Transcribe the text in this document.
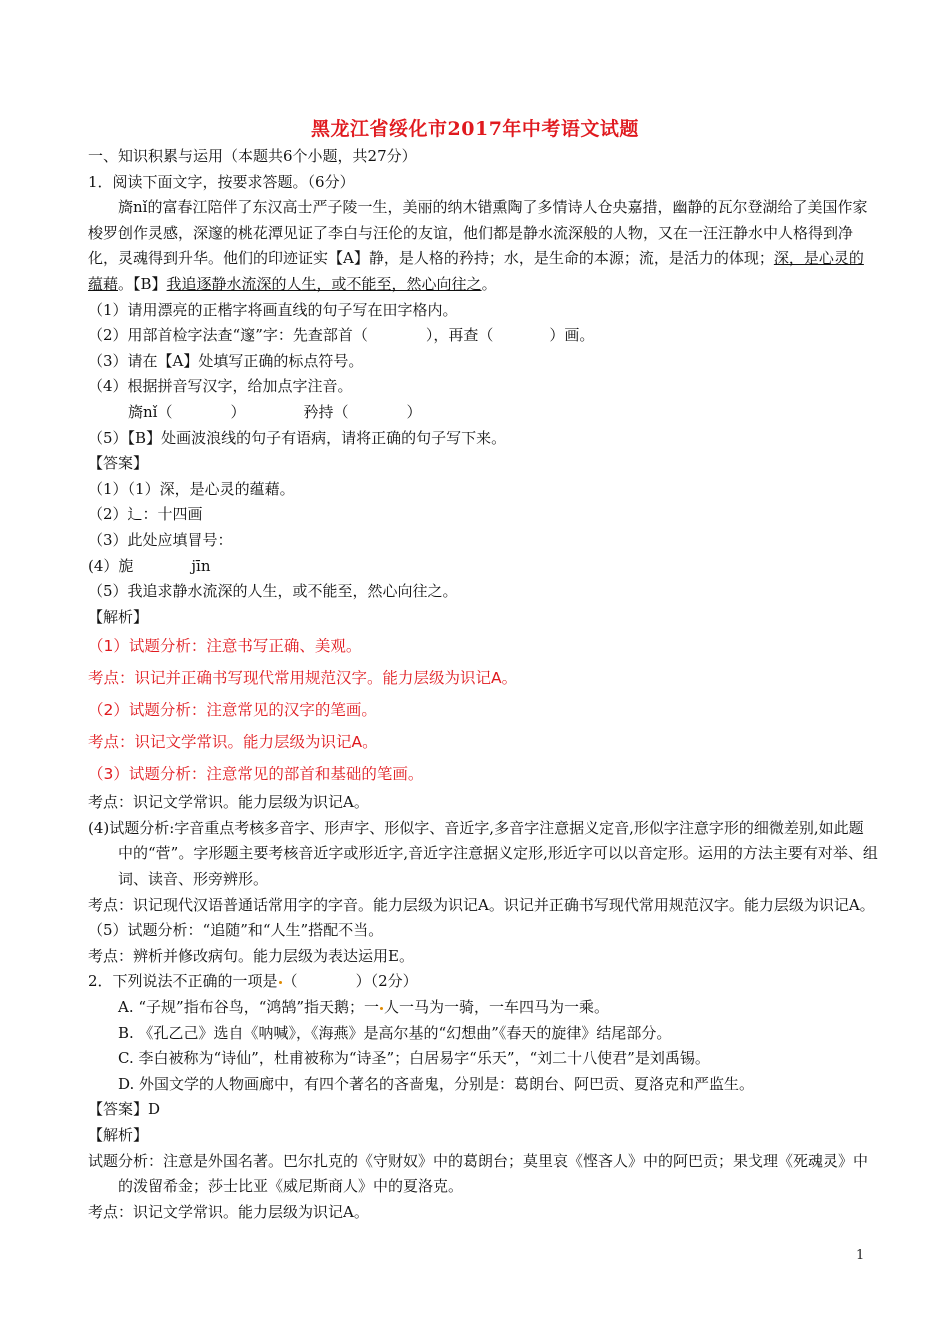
黑龙江省绥化市2017年中考语文试题

一、知识积累与运用（本题共6个小题，共27分）

1．阅读下面文字，按要求答题。（6分）

旖nǐ的富春江陪伴了东汉高士严子陵一生，美丽的纳木错熏陶了多情诗人仓央嘉措，幽静的瓦尔登湖给了美国作家梭罗创作灵感，深邃的桃花潭见证了李白与汪伦的友谊，他们都是静水流深般的人物，又在一汪汪静水中人格得到净化，灵魂得到升华。他们的印迹证实【A】静，是人格的矜持；水，是生命的本源；流，是活力的体现；深，是心灵的蕴藉。【B】我追逐静水流深的人生，或不能至，然心向往之。

（1）请用漂亮的正楷字将画直线的句子写在田字格内。

（2）用部首检字法查“邃”字：先查部首（	），再查（	）画。

（3）请在【A】处填写正确的标点符号。

（4）根据拼音写汉字，给加点字注音。

旖nǐ（	）	矜持（	）

（5）【B】处画波浪线的句子有语病，请将正确的句子写下来。

【答案】

（1）（1）深，是心灵的蕴藉。

（2）辶：十四画

（3）此处应填冒号：

(4）旎	jīn

（5）我追求静水流深的人生，或不能至，然心向往之。

【解析】

（1）试题分析：注意书写正确、美观。

考点：识记并正确书写现代常用规范汉字。能力层级为识记A。

（2）试题分析：注意常见的汉字的笔画。

考点：识记文学常识。能力层级为识记A。

（3）试题分析：注意常见的部首和基础的笔画。

考点：识记文学常识。能力层级为识记A。

(4)试题分析:字音重点考核多音字、形声字、形似字、音近字,多音字注意据义定音,形似字注意字形的细微差别,如此题中的“菅”。字形题主要考核音近字或形近字,音近字注意据义定形,形近字可以以音定形。运用的方法主要有对举、组词、读音、形旁辨形。

考点：识记现代汉语普通话常用字的字音。能力层级为识记A。识记并正确书写现代常用规范汉字。能力层级为识记A。

（5）试题分析：“追随”和“人生”搭配不当。

考点：辨析并修改病句。能力层级为表达运用E。

2．下列说法不正确的一项是 （	）（2分）

A. “子规”指布谷鸟，“鸿鹄”指天鹅；一 人一马为一骑，一车四马为一乘。

B. 《孔乙己》选自《呐喊》，《海燕》是高尔基的“幻想曲”《春天的旋律》结尾部分。

C. 李白被称为“诗仙”，杜甫被称为“诗圣”；白居易字“乐天”，“刘二十八使君”是刘禹锡。

D. 外国文学的人物画廊中，有四个著名的吝啬鬼，分别是：葛朗台、阿巴贡、夏洛克和严监生。

【答案】D

【解析】

试题分析：注意是外国名著。巴尔扎克的《守财奴》中的葛朗台；莫里哀《悭吝人》中的阿巴贡；果戈理《死魂灵》中的泼留希金；莎士比亚《威尼斯商人》中的夏洛克。

考点：识记文学常识。能力层级为识记A。

1
